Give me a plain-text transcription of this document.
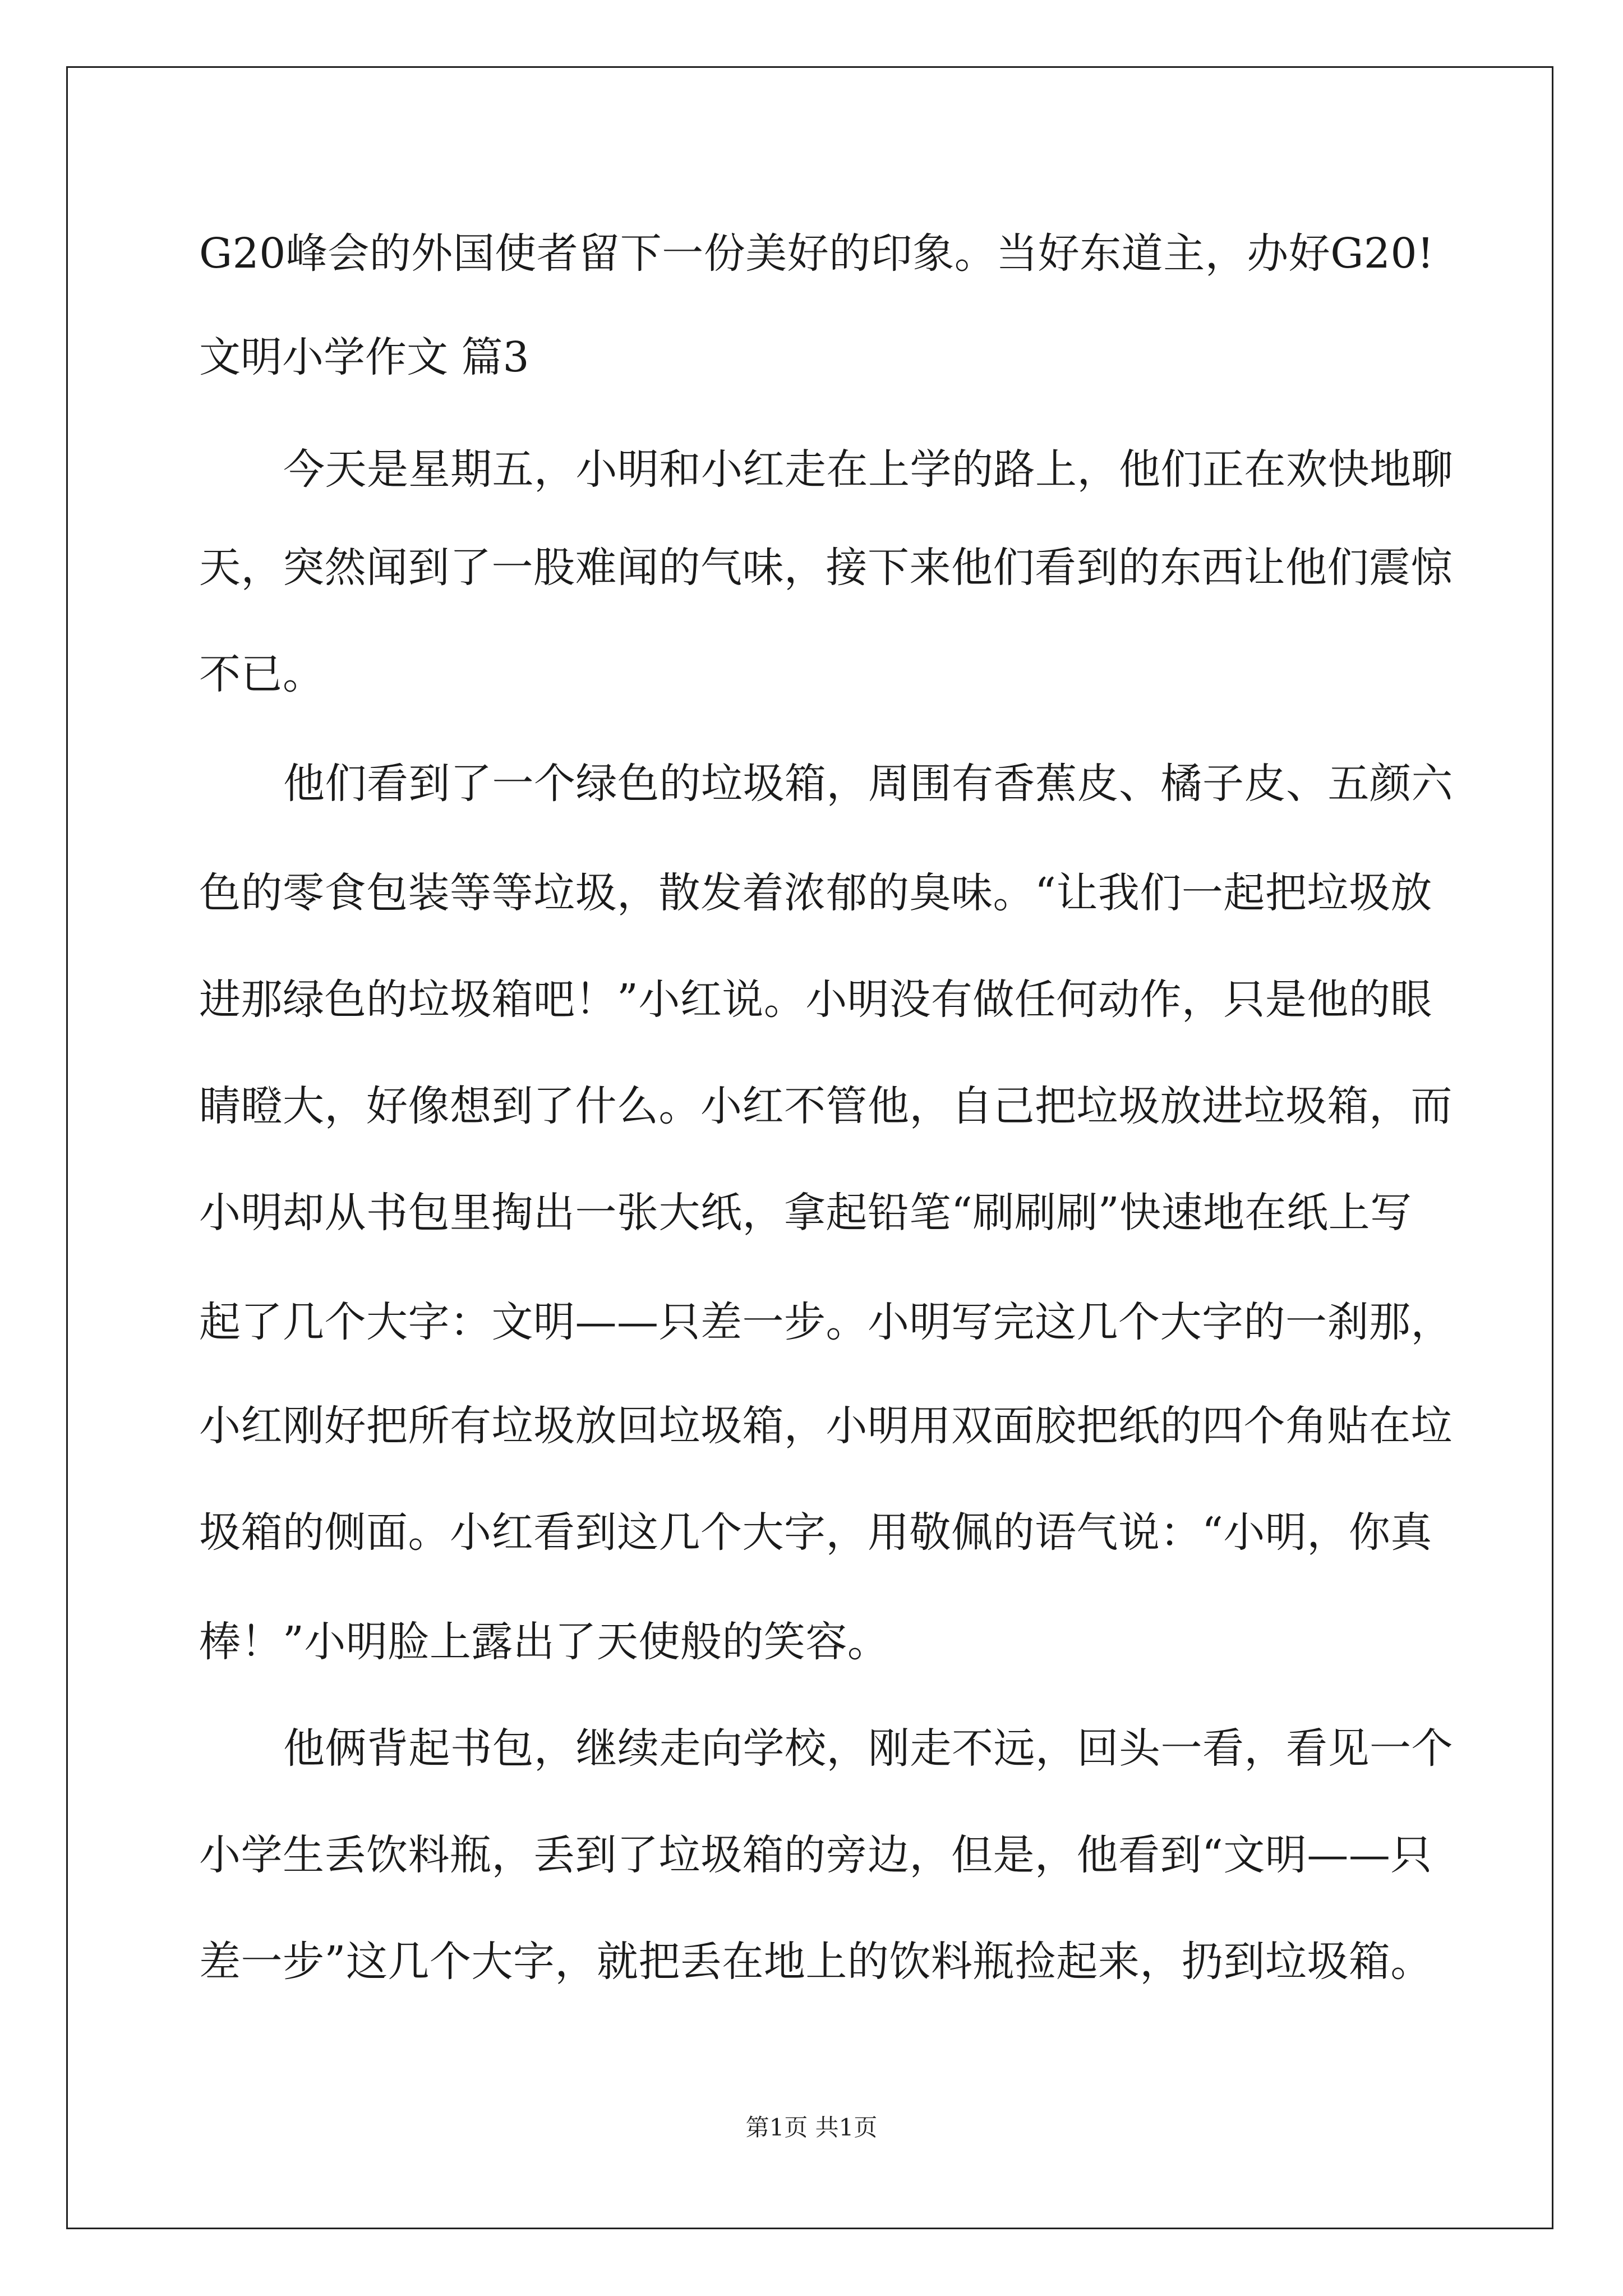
G20峰会的外国使者留下一份美好的印象。当好东道主，办好G20!
文明小学作文 篇3
今天是星期五，小明和小红走在上学的路上，他们正在欢快地聊
天，突然闻到了一股难闻的气味，接下来他们看到的东西让他们震惊
不已。
他们看到了一个绿色的垃圾箱，周围有香蕉皮、橘子皮、五颜六
色的零食包装等等垃圾，散发着浓郁的臭味。“让我们一起把垃圾放
进那绿色的垃圾箱吧！”小红说。小明没有做任何动作，只是他的眼
睛瞪大，好像想到了什么。小红不管他，自己把垃圾放进垃圾箱，而
小明却从书包里掏出一张大纸，拿起铅笔“刷刷刷”快速地在纸上写
起了几个大字：文明——只差一步。小明写完这几个大字的一刹那，
小红刚好把所有垃圾放回垃圾箱，小明用双面胶把纸的四个角贴在垃
圾箱的侧面。小红看到这几个大字，用敬佩的语气说：“小明，你真
棒！”小明脸上露出了天使般的笑容。
他俩背起书包，继续走向学校，刚走不远，回头一看，看见一个
小学生丢饮料瓶，丢到了垃圾箱的旁边，但是，他看到“文明——只
差一步”这几个大字，就把丢在地上的饮料瓶捡起来，扔到垃圾箱。
第1页 共1页
